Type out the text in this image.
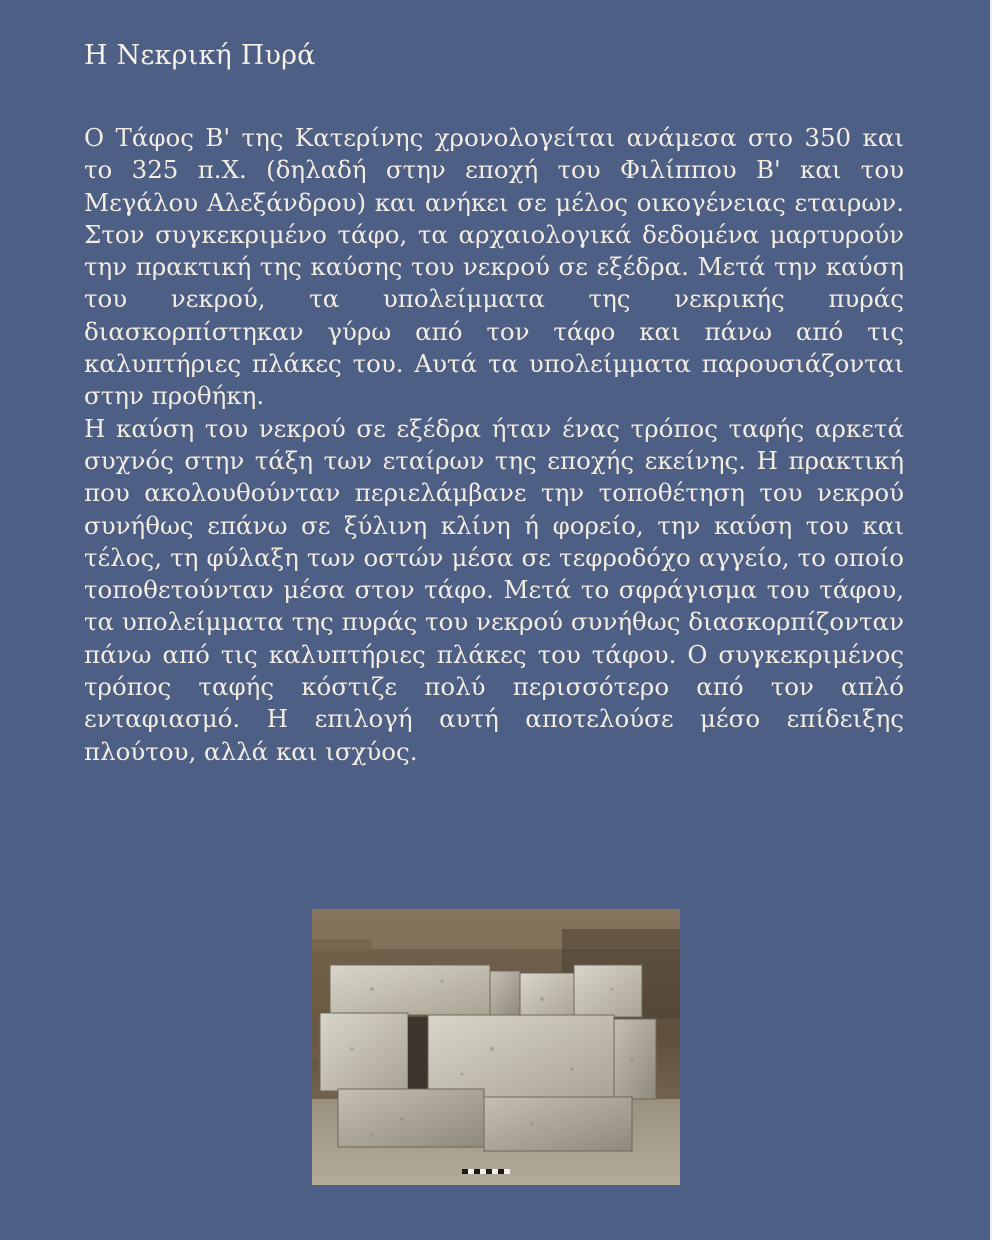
Η Νεκρική Πυρά

Ο Τάφος Β' της Κατερίνης χρονολογείται ανάμεσα στο 350 και το 325 π.Χ. (δηλαδή στην εποχή του Φιλίππου Β' και του Μεγάλου Αλεξάνδρου) και ανήκει σε μέλος οικογένειας εταιρων. Στον συγκεκριμένο τάφο, τα αρχαιολογικά δεδομένα μαρτυρούν την πρακτική της καύσης του νεκρού σε εξέδρα. Μετά την καύση του νεκρού, τα υπολείμματα της νεκρικής πυράς διασκορπίστηκαν γύρω από τον τάφο και πάνω από τις καλυπτήριες πλάκες του. Αυτά τα υπολείμματα παρουσιάζονται στην προθήκη.

Η καύση του νεκρού σε εξέδρα ήταν ένας τρόπος ταφής αρκετά συχνός στην τάξη των εταίρων της εποχής εκείνης. Η πρακτική που ακολουθούνταν περιελάμβανε την τοποθέτηση του νεκρού συνήθως επάνω σε ξύλινη κλίνη ή φορείο, την καύση του και τέλος, τη φύλαξη των οστών μέσα σε τεφροδόχο αγγείο, το οποίο τοποθετούνταν μέσα στον τάφο. Μετά το σφράγισμα του τάφου, τα υπολείμματα της πυράς του νεκρού συνήθως διασκορπίζονταν πάνω από τις καλυπτήριες πλάκες του τάφου. Ο συγκεκριμένος τρόπος ταφής κόστιζε πολύ περισσότερο από τον απλό ενταφιασμό. Η επιλογή αυτή αποτελούσε μέσο επίδειξης πλούτου, αλλά και ισχύος.
